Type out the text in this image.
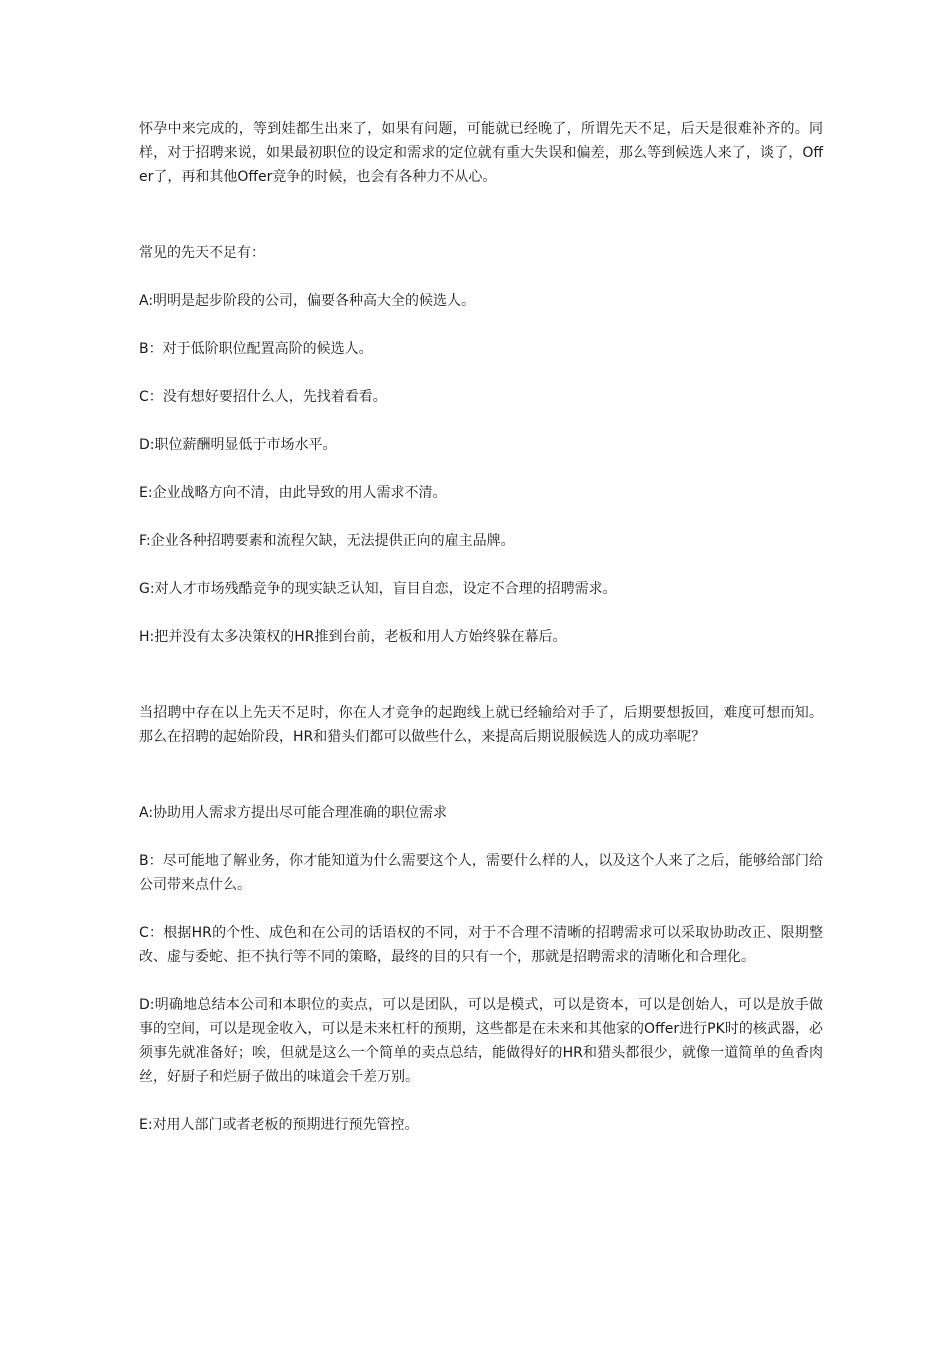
怀孕中来完成的，等到娃都生出来了，如果有问题，可能就已经晚了，所谓先天不足，后天是很难补齐的。同样，对于招聘来说，如果最初职位的设定和需求的定位就有重大失误和偏差，那么等到候选人来了，谈了，Offer了，再和其他Offer竞争的时候，也会有各种力不从心。

常见的先天不足有：

A:明明是起步阶段的公司，偏要各种高大全的候选人。

B：对于低阶职位配置高阶的候选人。

C：没有想好要招什么人，先找着看看。

D:职位薪酬明显低于市场水平。

E:企业战略方向不清，由此导致的用人需求不清。

F:企业各种招聘要素和流程欠缺，无法提供正向的雇主品牌。

G:对人才市场残酷竞争的现实缺乏认知，盲目自恋，设定不合理的招聘需求。

H:把并没有太多决策权的HR推到台前，老板和用人方始终躲在幕后。

当招聘中存在以上先天不足时，你在人才竞争的起跑线上就已经输给对手了，后期要想扳回，难度可想而知。那么在招聘的起始阶段，HR和猎头们都可以做些什么，来提高后期说服候选人的成功率呢？

A:协助用人需求方提出尽可能合理准确的职位需求

B：尽可能地了解业务，你才能知道为什么需要这个人，需要什么样的人，以及这个人来了之后，能够给部门给公司带来点什么。

C：根据HR的个性、成色和在公司的话语权的不同，对于不合理不清晰的招聘需求可以采取协助改正、限期整改、虚与委蛇、拒不执行等不同的策略，最终的目的只有一个，那就是招聘需求的清晰化和合理化。

D:明确地总结本公司和本职位的卖点，可以是团队，可以是模式，可以是资本，可以是创始人，可以是放手做事的空间，可以是现金收入，可以是未来杠杆的预期，这些都是在未来和其他家的Offer进行PK时的核武器，必须事先就准备好；唉，但就是这么一个简单的卖点总结，能做得好的HR和猎头都很少，就像一道简单的鱼香肉丝，好厨子和烂厨子做出的味道会千差万别。

E:对用人部门或者老板的预期进行预先管控。
